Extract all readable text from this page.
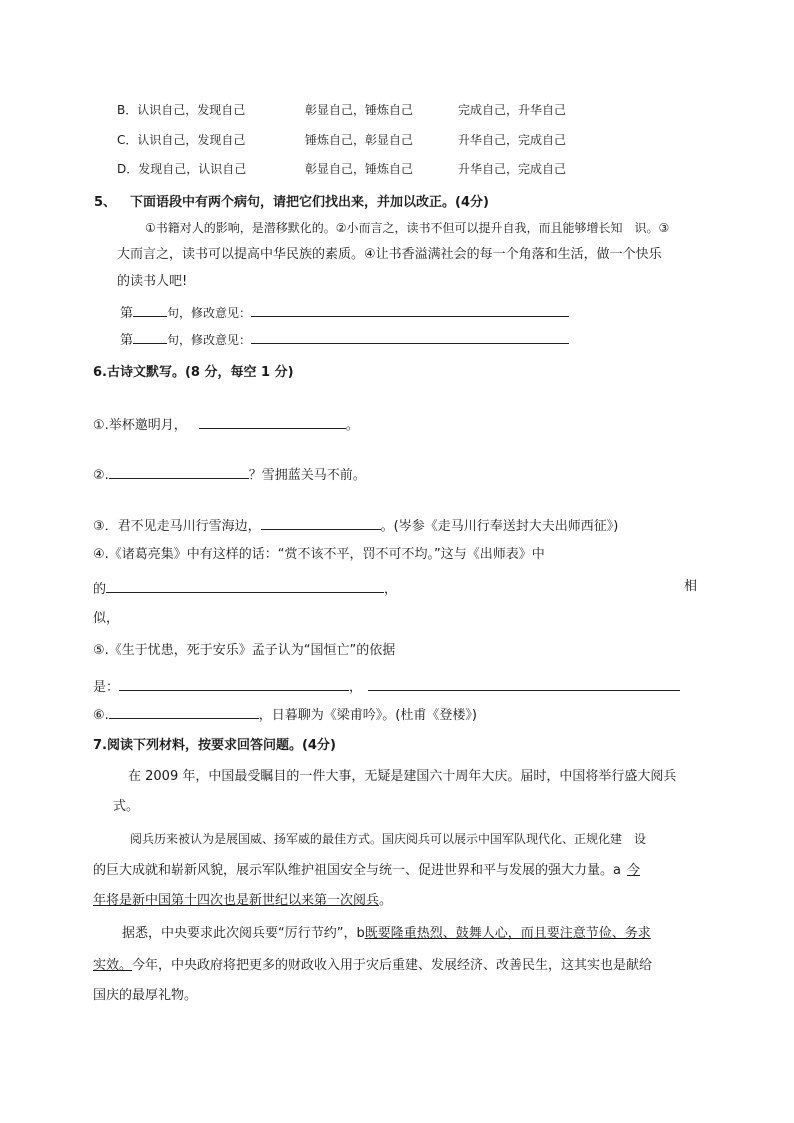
B．认识自己，发现自己	彰显自己，锤炼自己	完成自己，升华自己
C．认识自己，发现自己	锤炼自己，彰显自己	升华自己，完成自己
D．发现自己，认识自己	彰显自己，锤炼自己	升华自己，完成自己
5、 下面语段中有两个病句，请把它们找出来，并加以改正。(4分)
①书籍对人的影响，是潜移默化的。②小而言之，读书不但可以提升自我，而且能够增长知　识。③
大而言之，读书可以提高中华民族的素质。④让书香溢满社会的每一个角落和生活，做一个快乐
的读书人吧!
第	句，修改意见：
第	句，修改意见：
6.古诗文默写。(8 分，每空 1 分)
①.举杯邀明月，	。
②.	？雪拥蓝关马不前。
③．君不见走马川行雪海边，	。(岑参《走马川行奉送封大夫出师西征》)
④.《诸葛亮集》中有这样的话：“赏不该不平，罚不可不均。”这与《出师表》中
的	，	相
似，
⑤.《生于忧患，死于安乐》孟子认为“国恒亡”的依据
是：	，
⑥.	，日暮聊为《梁甫吟》。(杜甫《登楼》)
7.阅读下列材料，按要求回答问题。(4分)
在 2009 年，中国最受瞩目的一件大事，无疑是建国六十周年大庆。届时，中国将举行盛大阅兵
式。
阅兵历来被认为是展国威、扬军威的最佳方式。国庆阅兵可以展示中国军队现代化、正规化建　设
的巨大成就和崭新风貌，展示军队维护祖国安全与统一、促进世界和平与发展的强大力量。a 今
年将是新中国第十四次也是新世纪以来第一次阅兵。
据悉，中央要求此次阅兵要“厉行节约”，b既要隆重热烈、鼓舞人心，而且要注意节俭、务求
实效。今年，中央政府将把更多的财政收入用于灾后重建、发展经济、改善民生，这其实也是献给
国庆的最厚礼物。
